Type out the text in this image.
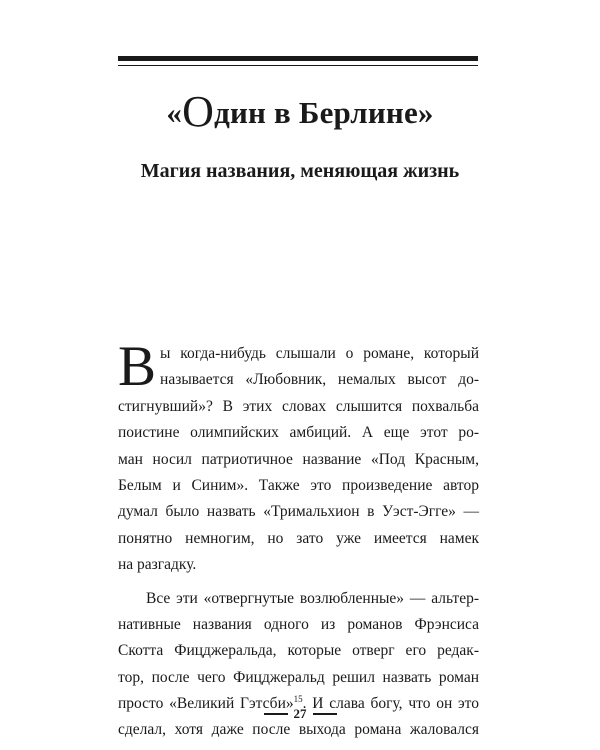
«Один в Берлине»
Магия названия, меняющая жизнь
В ы когда-нибудь слышали о романе, который
называется «Любовник, немалых высот до-
стигнувший»? В этих словах слышится похвальба
поистине олимпийских амбиций. А еще этот ро-
ман носил патриотичное название «Под Красным,
Белым и Синим». Также это произведение автор
думал было назвать «Тримальхион в Уэст-Эгге» —
понятно немногим, но зато уже имеется намек
на разгадку.
Все эти «отвергнутые возлюбленные» — альтер-
нативные названия одного из романов Фрэнсиса
Скотта Фицджеральда, которые отверг его редак-
тор, после чего Фицджеральд решил назвать роман
просто «Великий Гэтсби»$^{15}$. И слава богу, что он это
сделал, хотя даже после выхода романа жаловался
27
